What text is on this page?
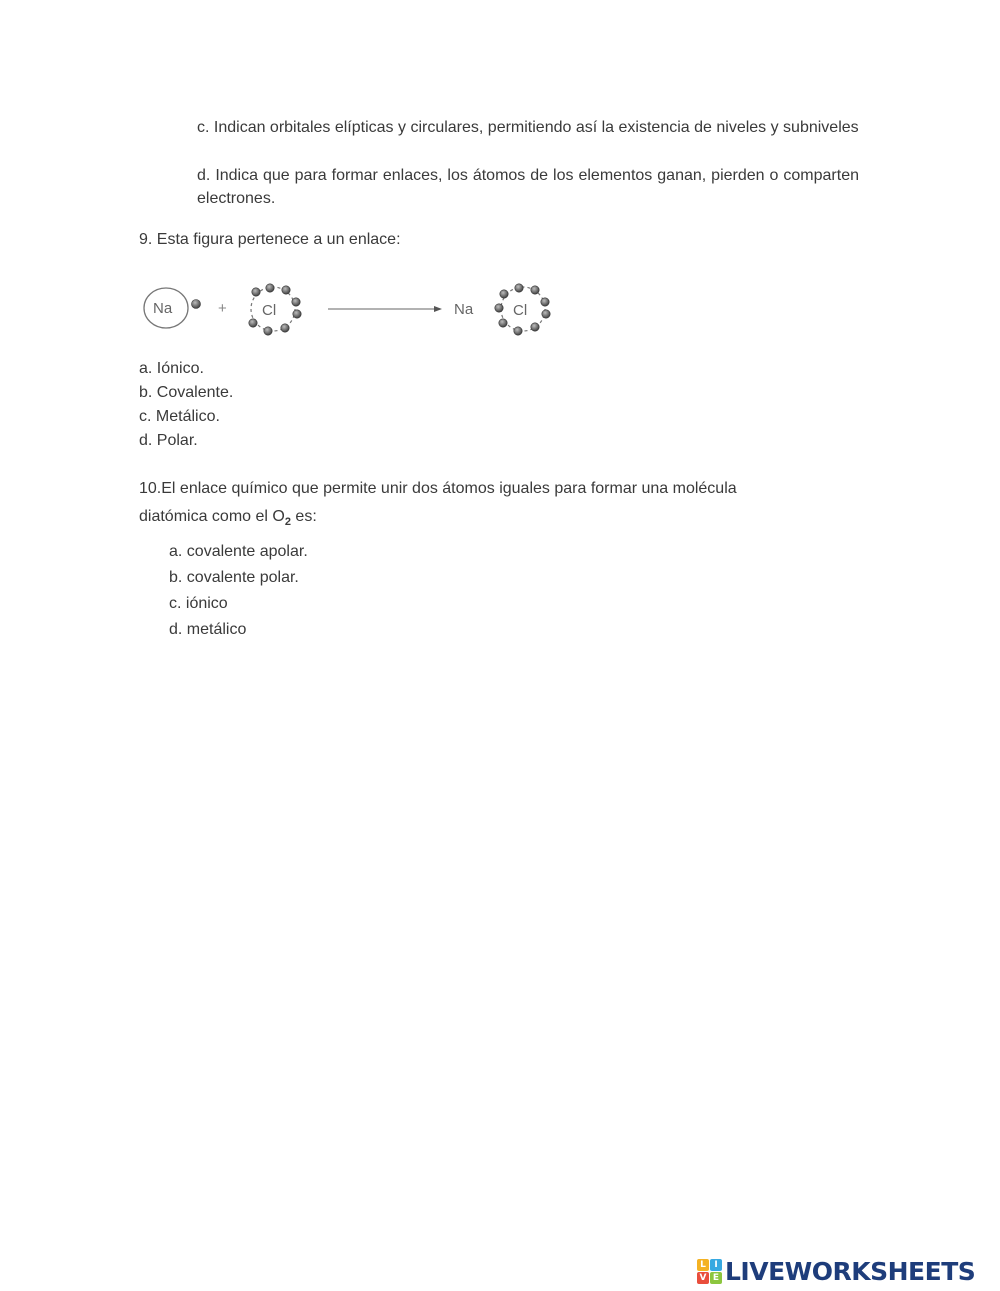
c. Indican orbitales elípticas y circulares, permitiendo así la existencia de niveles y subniveles
d. Indica que para formar enlaces, los átomos de los elementos ganan, pierden o comparten electrones.
9. Esta figura pertenece a un enlace:
Na	+ Cl	Na	Cl
a. Iónico.
b. Covalente.
c. Metálico.
d. Polar.
10.El enlace químico que permite unir dos átomos iguales para formar una molécula
diatómica como el $O_2$ es:
a. covalente apolar.
b. covalente polar.
c. iónico
d. metálico
L I
V E LIVEWORKSHEETS
